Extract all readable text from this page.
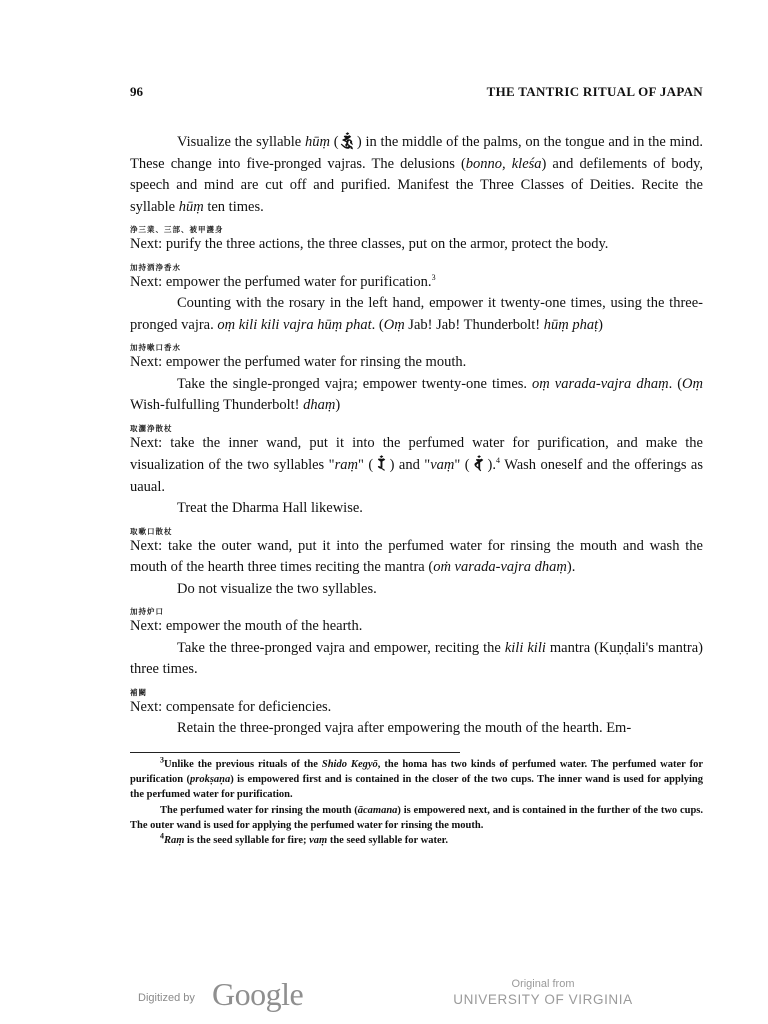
96	THE TANTRIC RITUAL OF JAPAN

Visualize the syllable hūṃ ( 𑖮𑖳𑖽 ) in the middle of the palms, on the tongue and in the mind. These change into five-pronged vajras. The delusions (bonno, kleśa) and defilements of body, speech and mind are cut off and purified. Manifest the Three Classes of Deities. Recite the syllable hūṃ ten times.

浄三業、三部、被甲護身

Next: purify the three actions, the three classes, put on the armor, protect the body.

加持洒浄香水

Next: empower the perfumed water for purification.$^3$

Counting with the rosary in the left hand, empower it twenty-one times, using the three-pronged vajra. oṃ kili kili vajra hūṃ phat. (Oṃ Jab! Jab! Thunderbolt! hūṃ phaṭ)

加持嗽口香水

Next: empower the perfumed water for rinsing the mouth.

Take the single-pronged vajra; empower twenty-one times. oṃ varada-vajra dhaṃ. (Oṃ Wish-fulfulling Thunderbolt! dhaṃ)

取灑浄散杖

Next: take the inner wand, put it into the perfumed water for purification, and make the visualization of the two syllables "raṃ" ( 𑖨𑖽 ) and "vaṃ" ( 𑖪𑖽 ).$^4$ Wash oneself and the offerings as uaual.

Treat the Dharma Hall likewise.

取嗽口散杖

Next: take the outer wand, put it into the perfumed water for rinsing the mouth and wash the mouth of the hearth three times reciting the mantra (oṁ varada-vajra dhaṃ).

Do not visualize the two syllables.

加持炉口

Next: empower the mouth of the hearth.

Take the three-pronged vajra and empower, reciting the kili kili mantra (Kuṇḍali's mantra) three times.

補闕

Next: compensate for deficiencies.

Retain the three-pronged vajra after empowering the mouth of the hearth. Em-

$^3$Unlike the previous rituals of the Shido Kegyō, the homa has two kinds of perfumed water. The perfumed water for purification (prokṣaṇa) is empowered first and is contained in the closer of the two cups. The inner wand is used for applying the perfumed water for purification.

The perfumed water for rinsing the mouth (ācamana) is empowered next, and is contained in the further of the two cups. The outer wand is used for applying the perfumed water for rinsing the mouth.

$^4$Raṃ is the seed syllable for fire; vaṃ the seed syllable for water.

Digitized by Google	Original from
UNIVERSITY OF VIRGINIA
